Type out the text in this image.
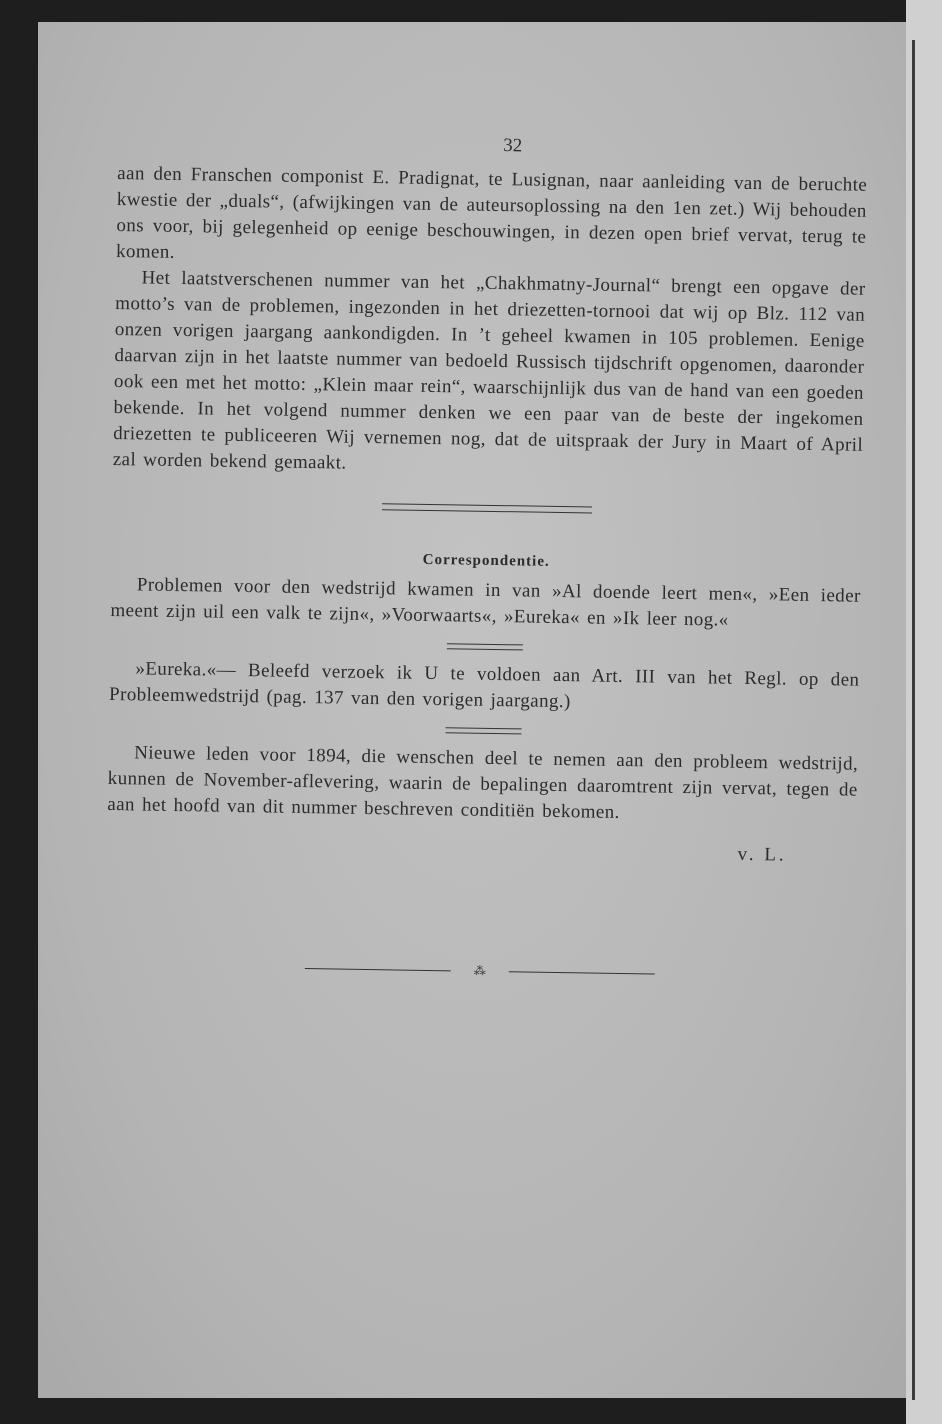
32

aan den Franschen componist E. Pradignat, te Lusignan, naar aanleiding van de beruchte kwestie der „duals“, (afwijkingen van de auteursoplossing na den 1en zet.) Wij behouden ons voor, bij gelegenheid op eenige beschouwingen, in dezen open brief vervat, terug te komen.

Het laatstverschenen nummer van het „Chakhmatny-Journal“ brengt een opgave der motto’s van de problemen, ingezonden in het driezetten-tornooi dat wij op Blz. 112 van onzen vorigen jaargang aankondigden. In ’t geheel kwamen in 105 problemen. Eenige daarvan zijn in het laatste nummer van bedoeld Russisch tijdschrift opgenomen, daaronder ook een met het motto: „Klein maar rein“, waarschijnlijk dus van de hand van een goeden bekende. In het volgend nummer denken we een paar van de beste der ingekomen driezetten te publiceeren Wij vernemen nog, dat de uitspraak der Jury in Maart of April zal worden bekend gemaakt.

Correspondentie.

Problemen voor den wedstrijd kwamen in van »Al doende leert men«, »Een ieder meent zijn uil een valk te zijn«, »Voorwaarts«, »Eureka« en »Ik leer nog.«

»Eureka.«— Beleefd verzoek ik U te voldoen aan Art. III van het Regl. op den Probleemwedstrijd (pag. 137 van den vorigen jaargang.)

Nieuwe leden voor 1894, die wenschen deel te nemen aan den probleem wedstrijd, kunnen de November-aflevering, waarin de bepalingen daaromtrent zijn vervat, tegen de aan het hoofd van dit nummer beschreven conditiën bekomen.

v. L.
⁂
